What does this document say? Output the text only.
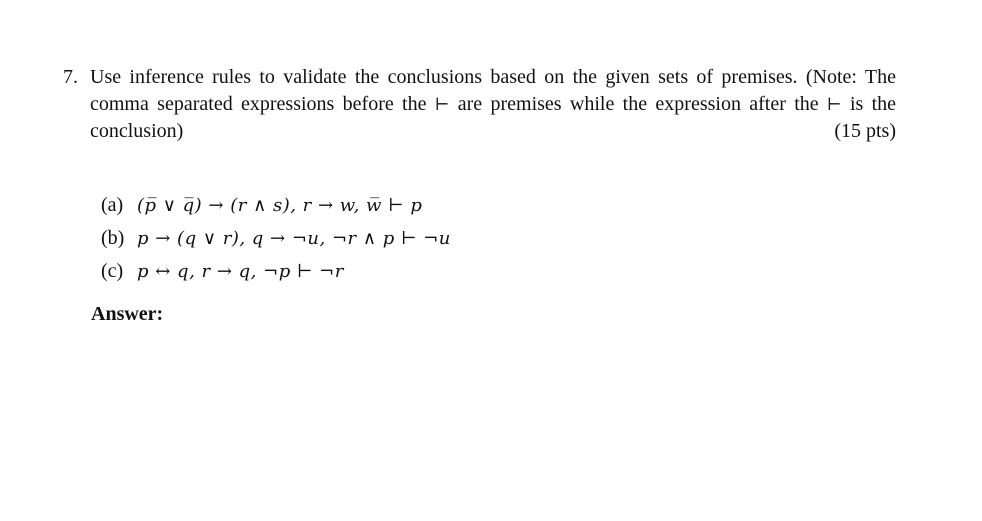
7. Use inference rules to validate the conclusions based on the given sets of premises. (Note: The
comma separated expressions before the ⊢ are premises while the expression after the ⊢ is the
conclusion)	(15 pts)
(a) (p̅ ∨ q̅) → (r ∧ s), r → w, w̅ ⊢ p
(b) p → (q ∨ r), q → ¬u, ¬r ∧ p ⊢ ¬u
(c) p ↔ q, r → q, ¬p ⊢ ¬r
Answer:
